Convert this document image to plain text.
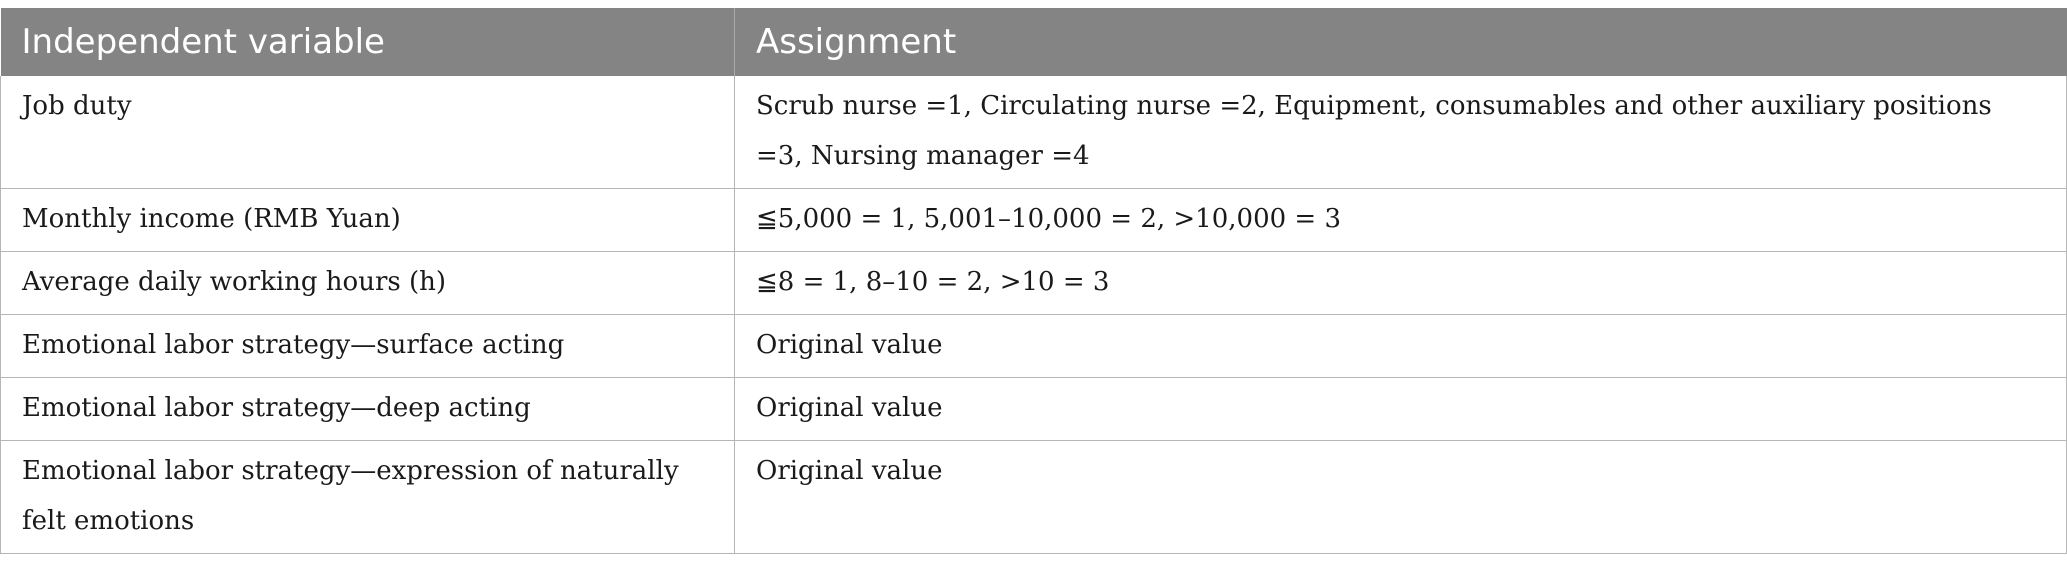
Independent variable	Assignment
Job duty	Scrub nurse =1, Circulating nurse =2, Equipment, consumables and other auxiliary positions =3, Nursing manager =4
Monthly income (RMB Yuan)	≦5,000 = 1, 5,001–10,000 = 2, >10,000 = 3
Average daily working hours (h)	≦8 = 1, 8–10 = 2, >10 = 3
Emotional labor strategy—surface acting	Original value
Emotional labor strategy—deep acting	Original value
Emotional labor strategy—expression of naturally felt emotions	Original value
